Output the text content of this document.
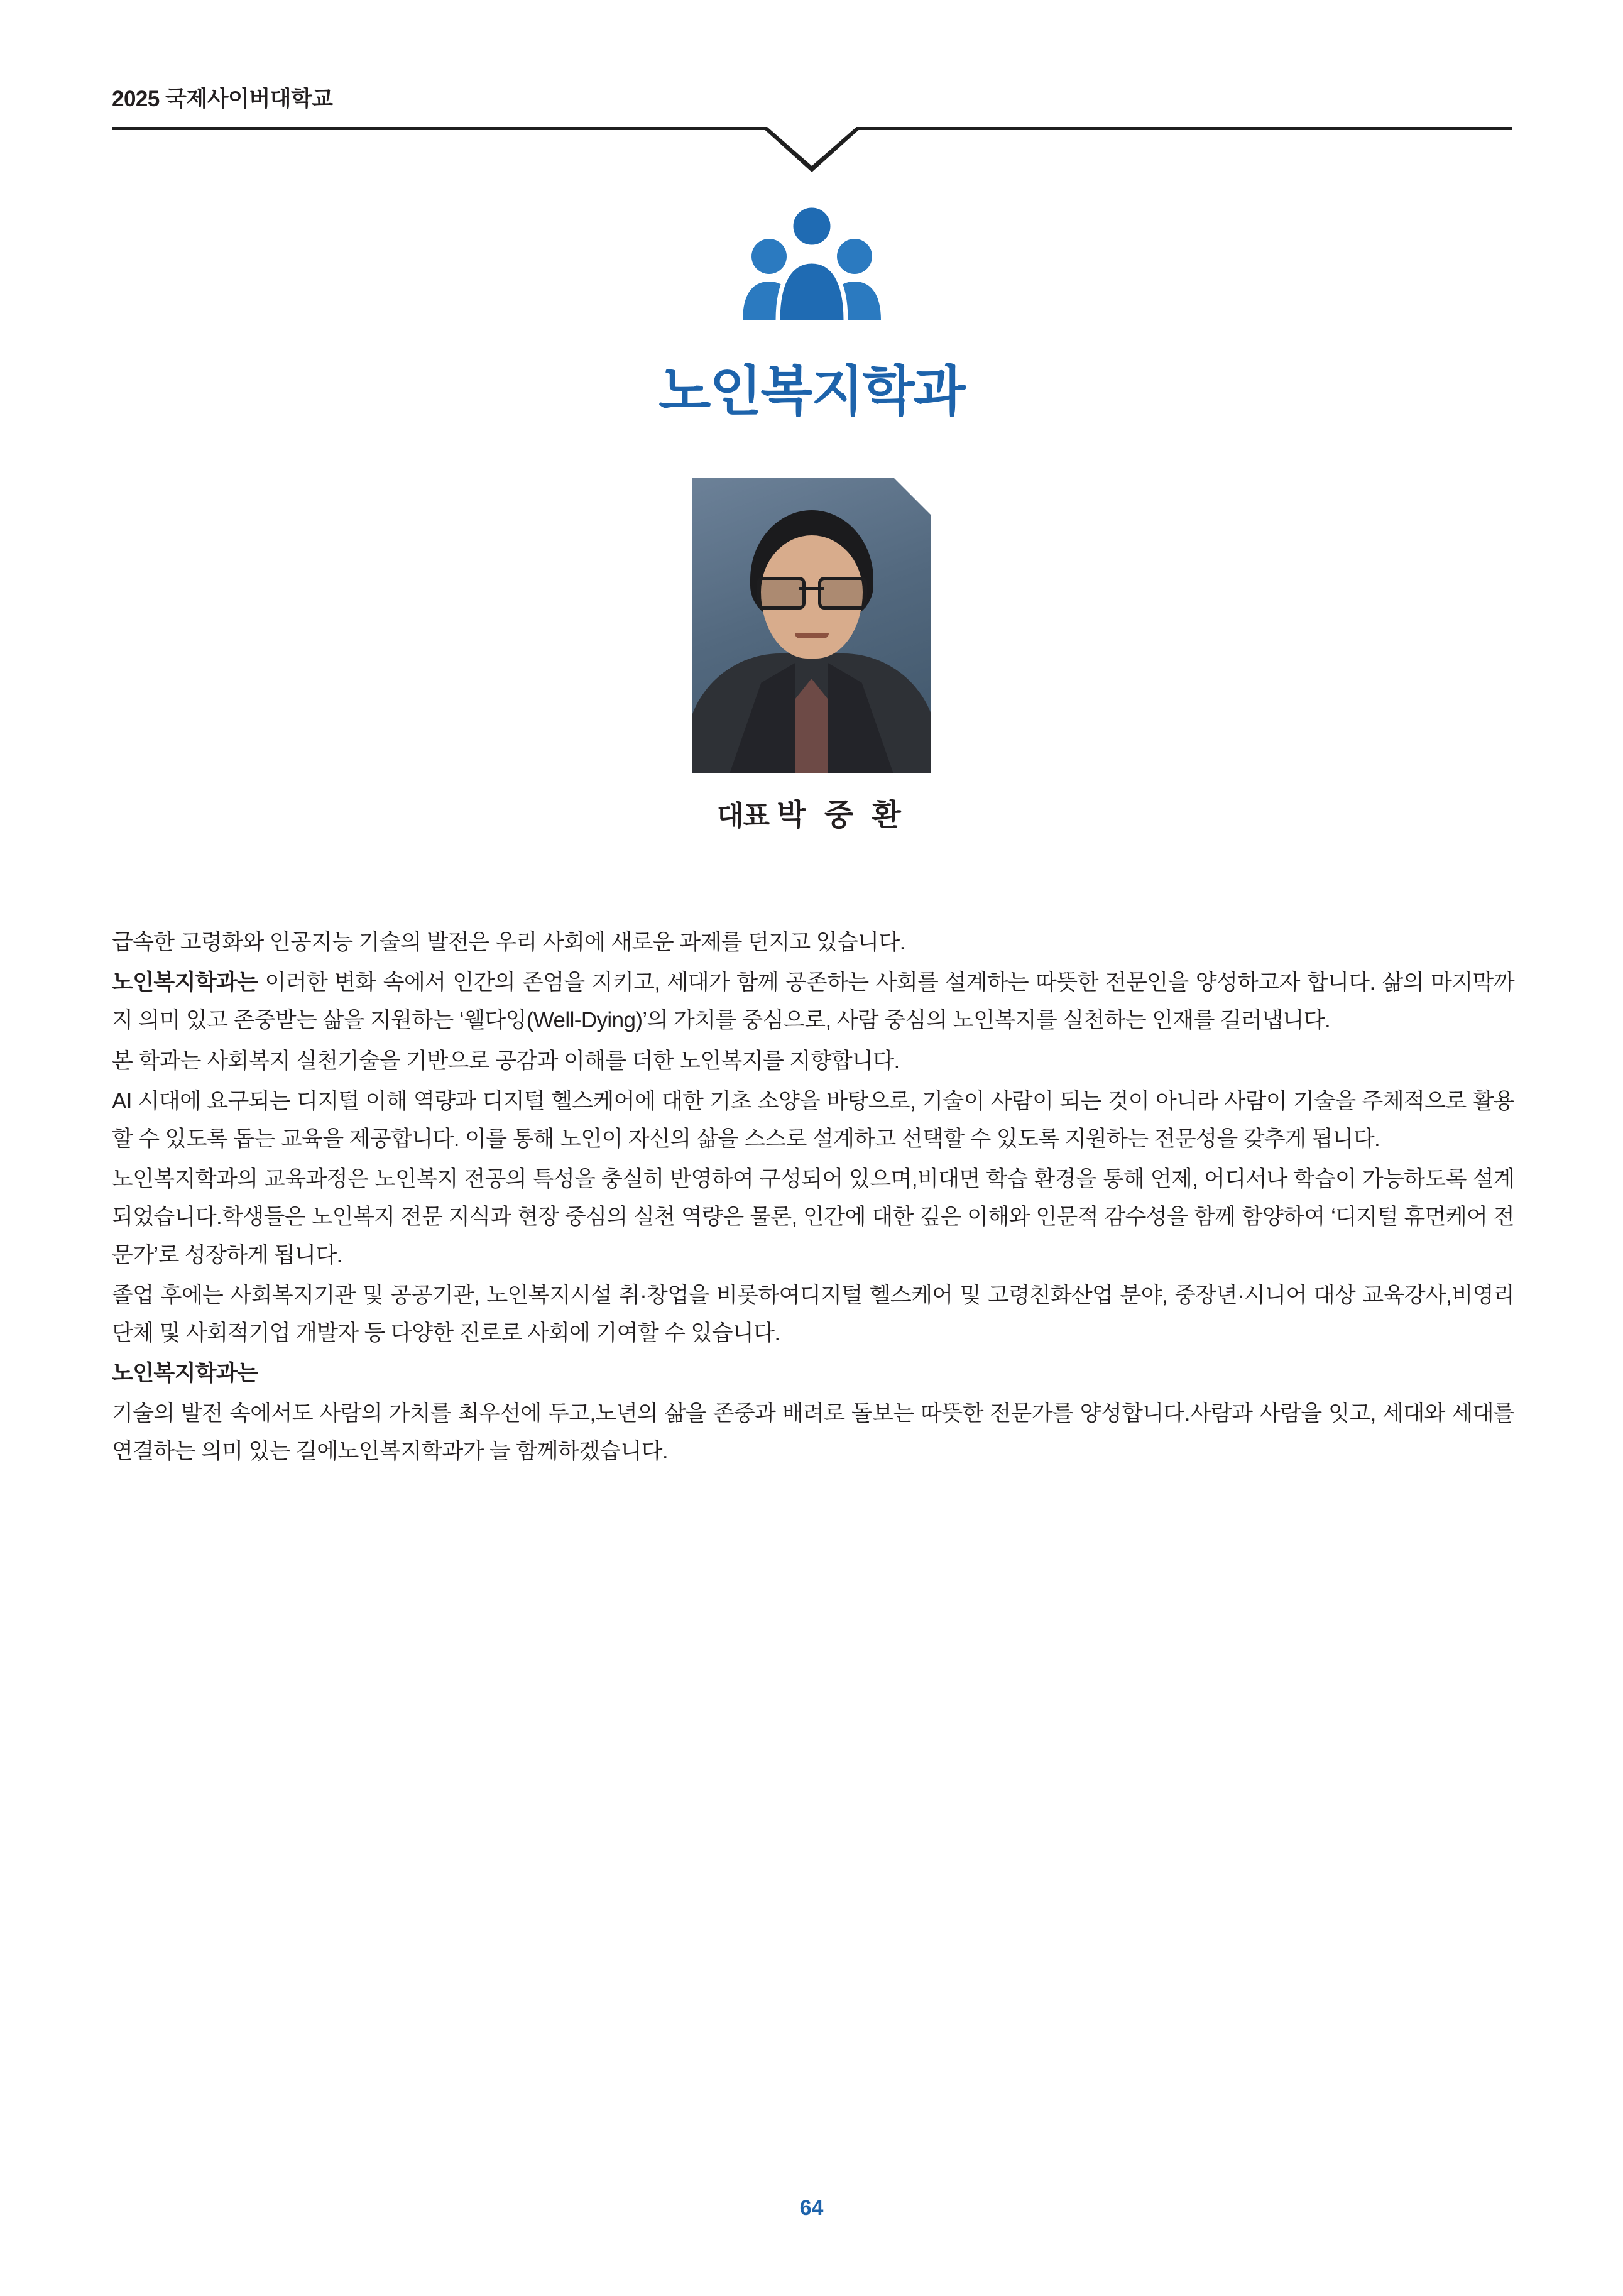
2025 국제사이버대학교
노인복지학과
대표 박 중 환

급속한 고령화와 인공지능 기술의 발전은 우리 사회에 새로운 과제를 던지고 있습니다.

노인복지학과는 이러한 변화 속에서 인간의 존엄을 지키고, 세대가 함께 공존하는 사회를 설계하는 따뜻한 전문인을 양성하고자 합니다. 삶의 마지막까지 의미 있고 존중받는 삶을 지원하는 ‘웰다잉(Well-Dying)’의 가치를 중심으로, 사람 중심의 노인복지를 실천하는 인재를 길러냅니다.

본 학과는 사회복지 실천기술을 기반으로 공감과 이해를 더한 노인복지를 지향합니다.

AI 시대에 요구되는 디지털 이해 역량과 디지털 헬스케어에 대한 기초 소양을 바탕으로, 기술이 사람이 되는 것이 아니라 사람이 기술을 주체적으로 활용할 수 있도록 돕는 교육을 제공합니다. 이를 통해 노인이 자신의 삶을 스스로 설계하고 선택할 수 있도록 지원하는 전문성을 갖추게 됩니다.

노인복지학과의 교육과정은 노인복지 전공의 특성을 충실히 반영하여 구성되어 있으며,비대면 학습 환경을 통해 언제, 어디서나 학습이 가능하도록 설계되었습니다.학생들은 노인복지 전문 지식과 현장 중심의 실천 역량은 물론, 인간에 대한 깊은 이해와 인문적 감수성을 함께 함양하여 ‘디지털 휴먼케어 전문가’로 성장하게 됩니다.

졸업 후에는 사회복지기관 및 공공기관, 노인복지시설 취·창업을 비롯하여디지털 헬스케어 및 고령친화산업 분야, 중장년·시니어 대상 교육강사,비영리단체 및 사회적기업 개발자 등 다양한 진로로 사회에 기여할 수 있습니다.

노인복지학과는

기술의 발전 속에서도 사람의 가치를 최우선에 두고,노년의 삶을 존중과 배려로 돌보는 따뜻한 전문가를 양성합니다.사람과 사람을 잇고, 세대와 세대를 연결하는 의미 있는 길에노인복지학과가 늘 함께하겠습니다.

64
